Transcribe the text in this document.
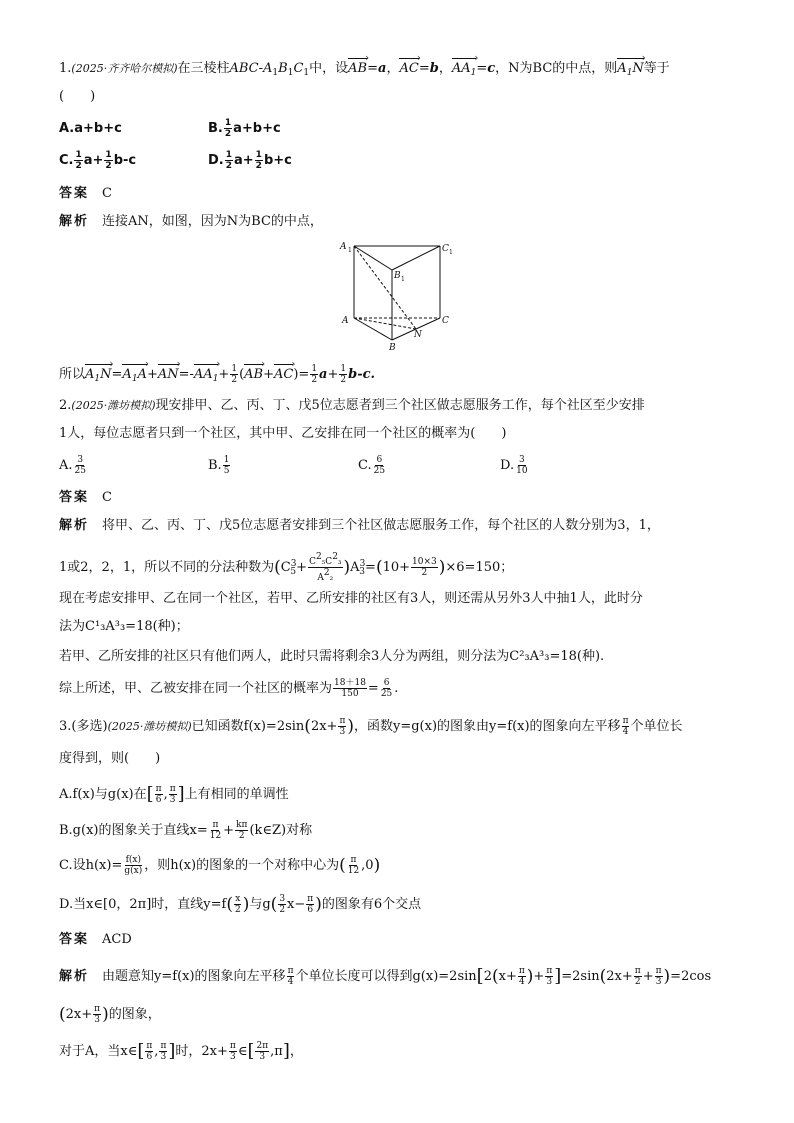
1.(2025·齐齐哈尔模拟)在三棱柱ABC-$A_1B_1C_1$中，设AB ›=a，AC ›=b，$AA_1$ ›=c，N为BC的中点，则$A_1N$ ›等于
(　　)
A.a+b+c	B. $\frac{1}{2} a+b+c$
C. $\frac{1}{2} a+ \frac{1}{2} b-c$	D. $\frac{1}{2} a+ \frac{1}{2} b+c$
答案　 C
解析　 连接AN，如图，因为N为BC的中点，
A 1	C 1
B 1
A	C
B
N
所以$A_1N$ $›=A_1A$ ›+AN $›=-AA_1$ ›+ $\frac{1}{2} (AB$ ›+AC ›)= $\frac{1}{2} a+ \frac{1}{2} b-c$.
2.(2025·潍坊模拟)现安排甲、乙、丙、丁、戊5位志愿者到三个社区做志愿服务工作，每个社区至少安排
1人，每位志愿者只到一个社区，其中甲、乙安排在同一个社区的概率为(　　)
A. $\frac{3}{25}$	B. $\frac{1}{5}$	C. $\frac{6}{25}$	D. $\frac{3}{10}$
答案　 C
解析　 将甲、乙、丙、丁、戊5位志愿者安排到三个社区做志愿服务工作，每个社区的人数分别为3，1，
1或2，2，1，所以不同的分法种数为$(C^3_5+ \frac{C^2_5C^2_3}{A^2_2} )A^3_3=(10+ \frac{10\times 3}{2} )\times 6=150$；
现在考虑安排甲、乙在同一个社区，若甲、乙所安排的社区有3人，则还需从另外3人中抽1人，此时分
法为C¹₃A³₃=18(种)；
若甲、乙所安排的社区只有他们两人，此时只需将剩余3人分为两组，则分法为C²₃A³₃=18(种).
综上所述，甲、乙被安排在同一个社区的概率为 $\frac{18+18}{150} = \frac{6}{25}$ .
3.(多选)(2025·潍坊模拟)已知函数$f(x)=2\sin(2x+ \frac{\pi}{3}$ )，函数y=g(x)的图象由y=f(x)的图象向左平移 $\frac{\pi}{4}$ 个单位长
度得到，则(　　)
A.f(x)与g(x)在[ $\frac{\pi}{6}$ , $\frac{\pi}{3}$ ]上有相同的单调性
B.g(x)的图象关于直线$x= \frac{\pi}{12} + \frac{k\pi}{2}$ (k∈Z)对称
C.设$h(x)= \frac{f(x)}{g(x)}$ ，则h(x)的图象的一个对称中心为( $\frac{\pi}{12} ,0$)
D.当x∈[0，2π]时，直线$y=f( \frac{x}{2}$ )与$g( \frac{3}{2} x- \frac{\pi}{6}$ )的图象有6个交点
答案　 ACD
解析　 由题意知y=f(x)的图象向左平移 $\frac{\pi}{4}$ 个单位长度可以得到$g(x)=2\sin[2(x+ \frac{\pi}{4}$ )+ $\frac{\pi}{3} ]=2\sin(2x+ \frac{\pi}{2} + \frac{\pi}{3} )=2\cos$
($2x+ \frac{\pi}{3}$ )的图象，
对于A，当x∈[ $\frac{\pi}{6}$ , $\frac{\pi}{3}$ ]时，$2x+ \frac{\pi}{3}$ ∈[ $\frac{2\pi}{3} ,\pi$]，
